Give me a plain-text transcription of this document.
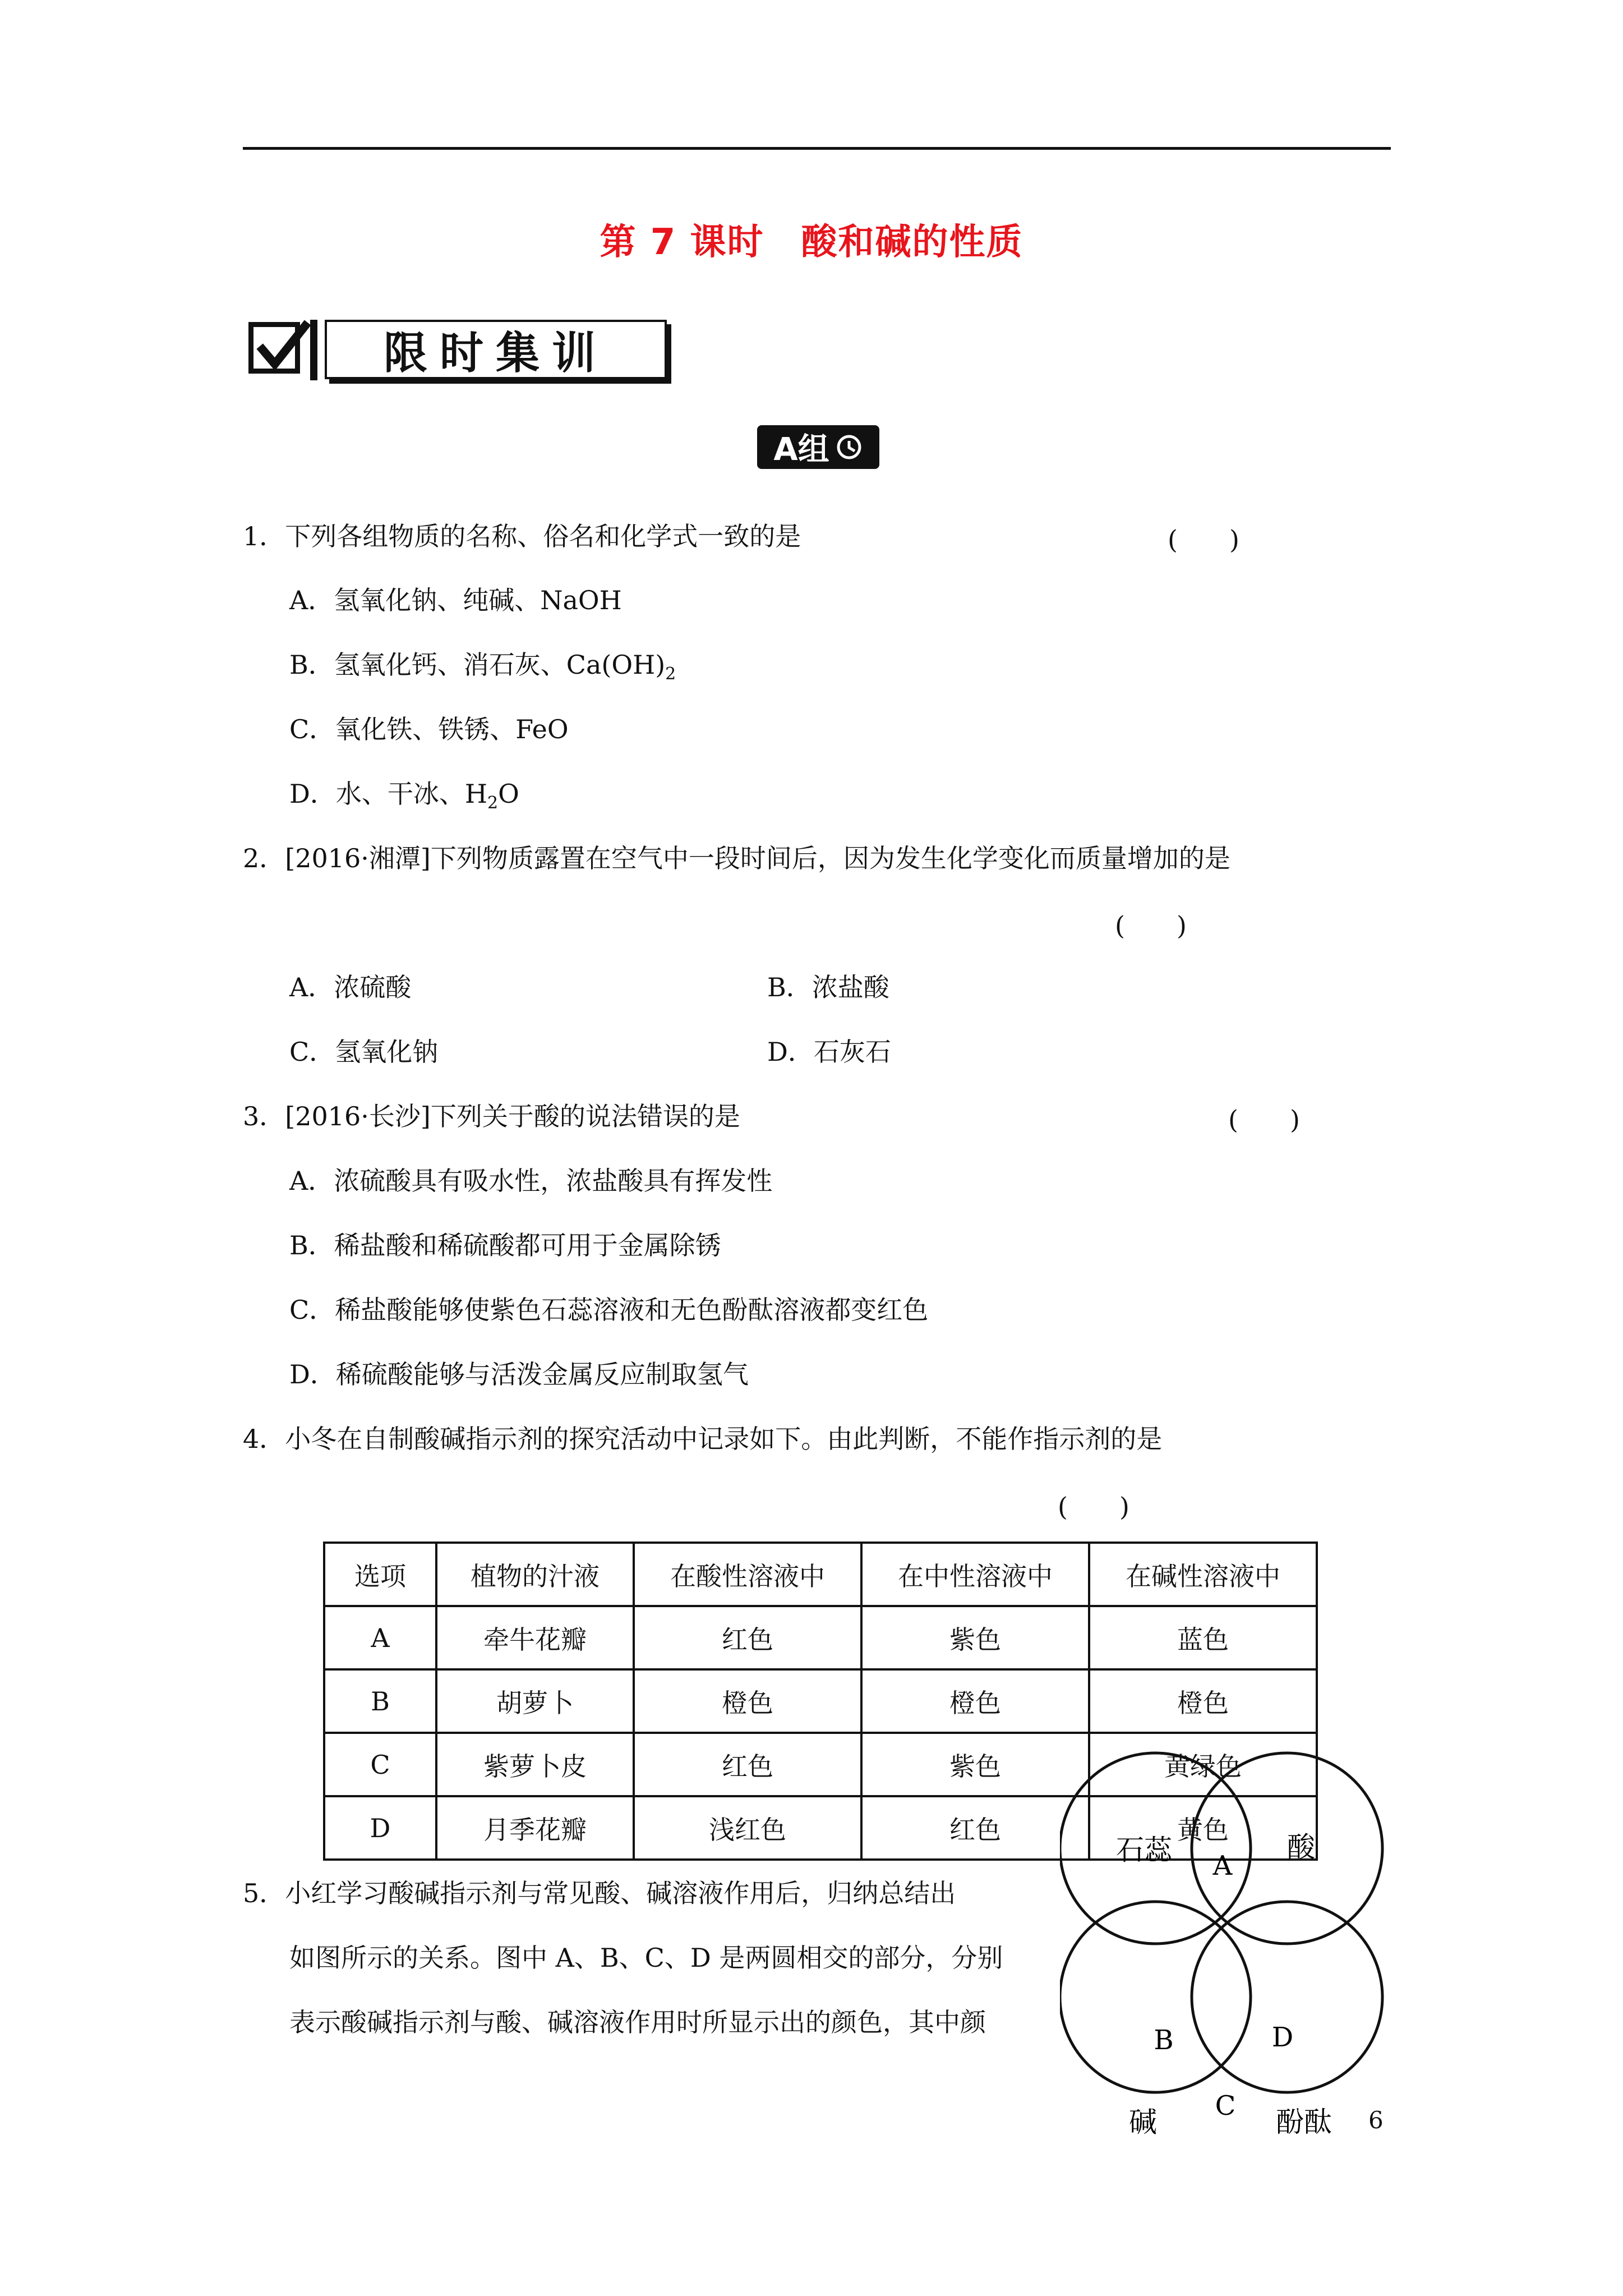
第 7 课时　酸和碱的性质
限时集训
A组
1．下列各组物质的名称、俗名和化学式一致的是	(　　)
A．氢氧化钠、纯碱、NaOH
B．氢氧化钙、消石灰、$Ca(OH)_2$
C．氧化铁、铁锈、FeO
D．水、干冰、$H_2O$
2．[2016·湘潭]下列物质露置在空气中一段时间后，因为发生化学变化而质量增加的是
(　　)
A．浓硫酸	B．浓盐酸
C．氢氧化钠	D．石灰石
3．[2016·长沙]下列关于酸的说法错误的是	(　　)
A．浓硫酸具有吸水性，浓盐酸具有挥发性
B．稀盐酸和稀硫酸都可用于金属除锈
C．稀盐酸能够使紫色石蕊溶液和无色酚酞溶液都变红色
D．稀硫酸能够与活泼金属反应制取氢气
4．小冬在自制酸碱指示剂的探究活动中记录如下。由此判断，不能作指示剂的是
(　　)
选项	植物的汁液	在酸性溶液中	在中性溶液中	在碱性溶液中
A	牵牛花瓣	红色	紫色	蓝色
B	胡萝卜	橙色	橙色	橙色
C	紫萝卜皮	红色	紫色	黄绿色
D	月季花瓣	浅红色	红色	黄色
5．小红学习酸碱指示剂与常见酸、碱溶液作用后，归纳总结出
如图所示的关系。图中 A、B、C、D 是两圆相交的部分，分别
表示酸碱指示剂与酸、碱溶液作用时所显示出的颜色，其中颜
石蕊	酸
碱	酚酞
A
B
C
D
6
